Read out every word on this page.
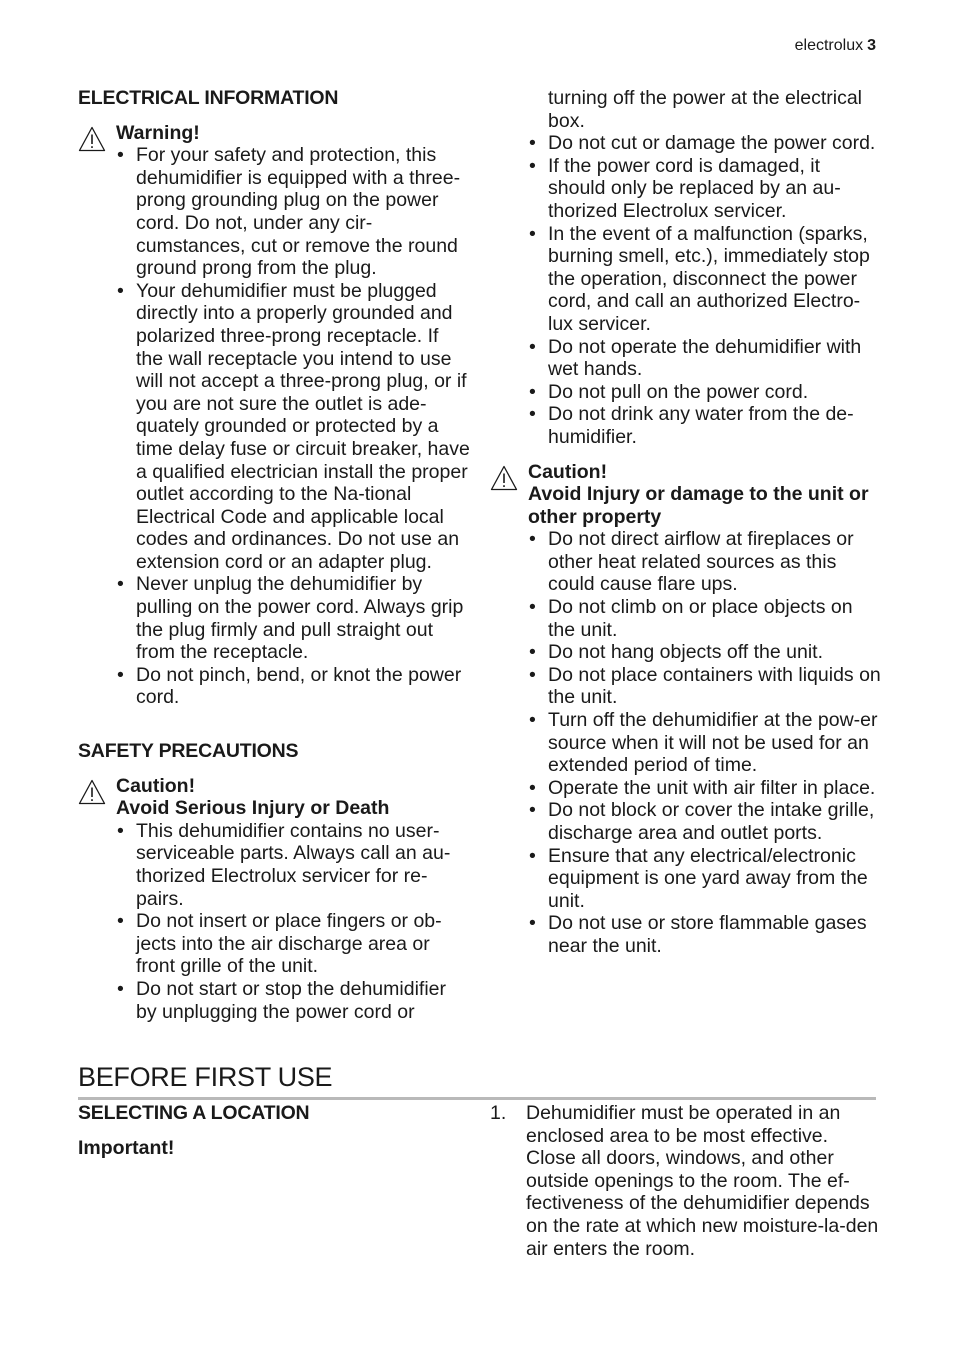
electrolux 3
ELECTRICAL INFORMATION

Warning!

• For your safety and protection, this dehumidifier is equipped with a three-prong grounding plug on the power cord. Do not, under any cir-cumstances, cut or remove the round ground prong from the plug.
• Your dehumidifier must be plugged directly into a properly grounded and polarized three-prong receptacle. If the wall receptacle you intend to use will not accept a three-prong plug, or if you are not sure the outlet is ade-quately grounded or protected by a time delay fuse or circuit breaker, have a qualified electrician install the proper outlet according to the Na-tional Electrical Code and applicable local codes and ordinances. Do not use an extension cord or an adapter plug.
• Never unplug the dehumidifier by pulling on the power cord. Always grip the plug firmly and pull straight out from the receptacle.
• Do not pinch, bend, or knot the power cord.
SAFETY PRECAUTIONS

Caution!

Avoid Serious Injury or Death

• This dehumidifier contains no user-serviceable parts. Always call an au-thorized Electrolux servicer for re-pairs.
• Do not insert or place fingers or ob-jects into the air discharge area or front grille of the unit.
• Do not start or stop the dehumidifier by unplugging the power cord or
turning off the power at the electrical box.
• Do not cut or damage the power cord.
• If the power cord is damaged, it should only be replaced by an au-thorized Electrolux servicer.
• In the event of a malfunction (sparks, burning smell, etc.), immediately stop the operation, disconnect the power cord, and call an authorized Electro-lux servicer.
• Do not operate the dehumidifier with wet hands.
• Do not pull on the power cord.
• Do not drink any water from the de-humidifier.

Caution!

Avoid Injury or damage to the unit or other property

• Do not direct airflow at fireplaces or other heat related sources as this could cause flare ups.
• Do not climb on or place objects on the unit.
• Do not hang objects off the unit.
• Do not place containers with liquids on the unit.
• Turn off the dehumidifier at the pow-er source when it will not be used for an extended period of time.
• Operate the unit with air filter in place.
• Do not block or cover the intake grille, discharge area and outlet ports.
• Ensure that any electrical/electronic equipment is one yard away from the unit.
• Do not use or store flammable gases near the unit.
BEFORE FIRST USE
SELECTING A LOCATION

Important!

1. Dehumidifier must be operated in an enclosed area to be most effective. Close all doors, windows, and other outside openings to the room. The ef-fectiveness of the dehumidifier depends on the rate at which new moisture-la-den air enters the room.
